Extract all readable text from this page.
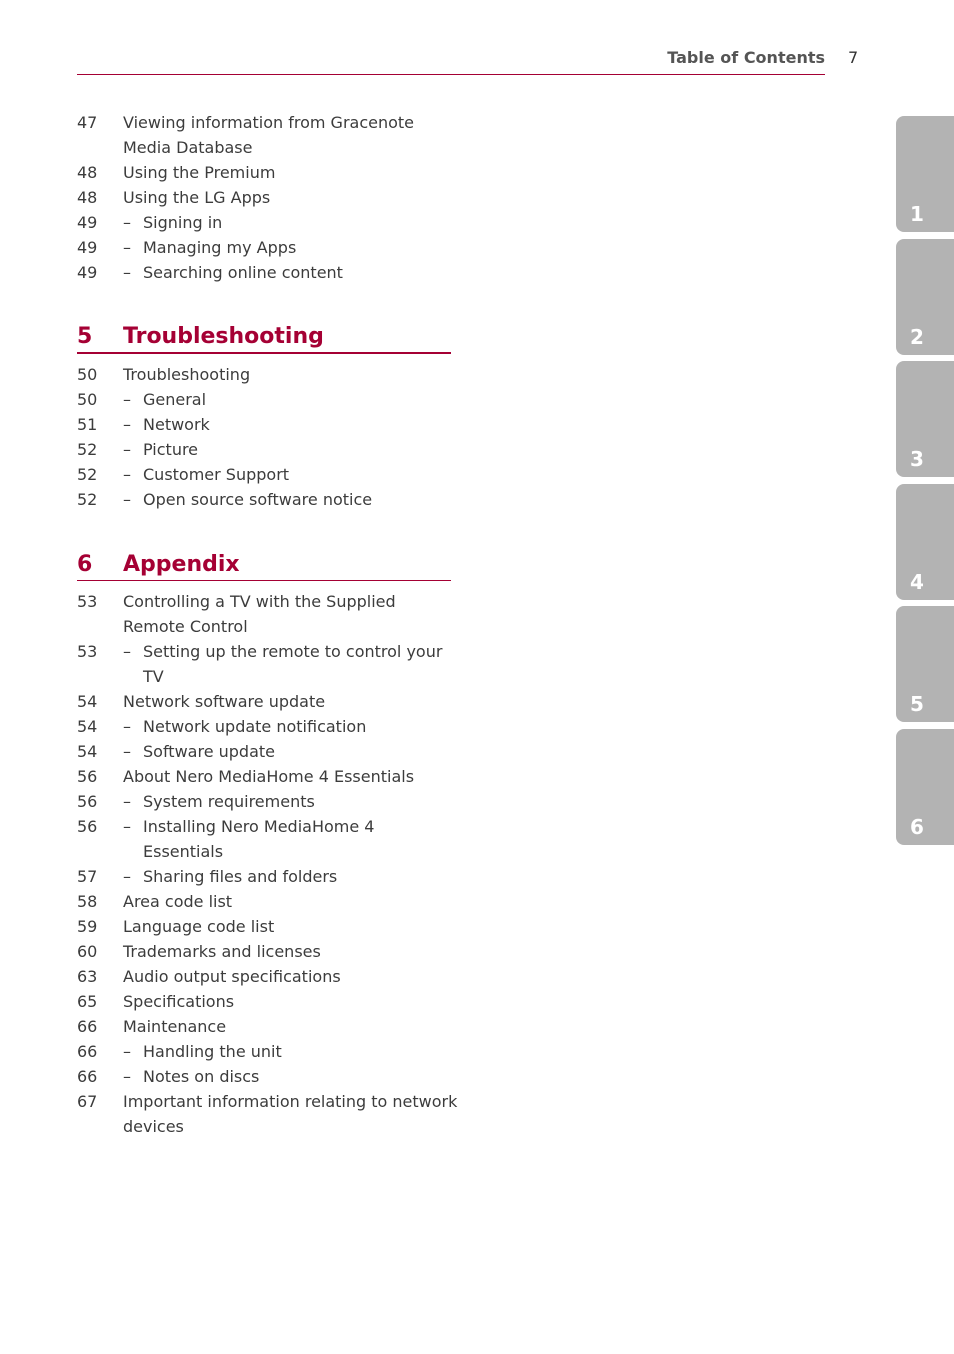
Table of Contents 7
47	Viewing information from Gracenote
Media Database
48	Using the Premium
48	Using the LG Apps
49	– Signing in
49	– Managing my Apps
49	– Searching online content
5	Troubleshooting
50	Troubleshooting
50	– General
51	– Network
52	– Picture
52	– Customer Support
52	– Open source software notice
6	Appendix
53	Controlling a TV with the Supplied
Remote Control
53	– Setting up the remote to control your
TV
54	Network software update
54	– Network update notification
54	– Software update
56	About Nero MediaHome 4 Essentials
56	– System requirements
56	– Installing Nero MediaHome 4
Essentials
57	– Sharing files and folders
58	Area code list
59	Language code list
60	Trademarks and licenses
63	Audio output specifications
65	Specifications
66	Maintenance
66	– Handling the unit
66	– Notes on discs
67	Important information relating to network
devices
1
2
3
4
5
6
